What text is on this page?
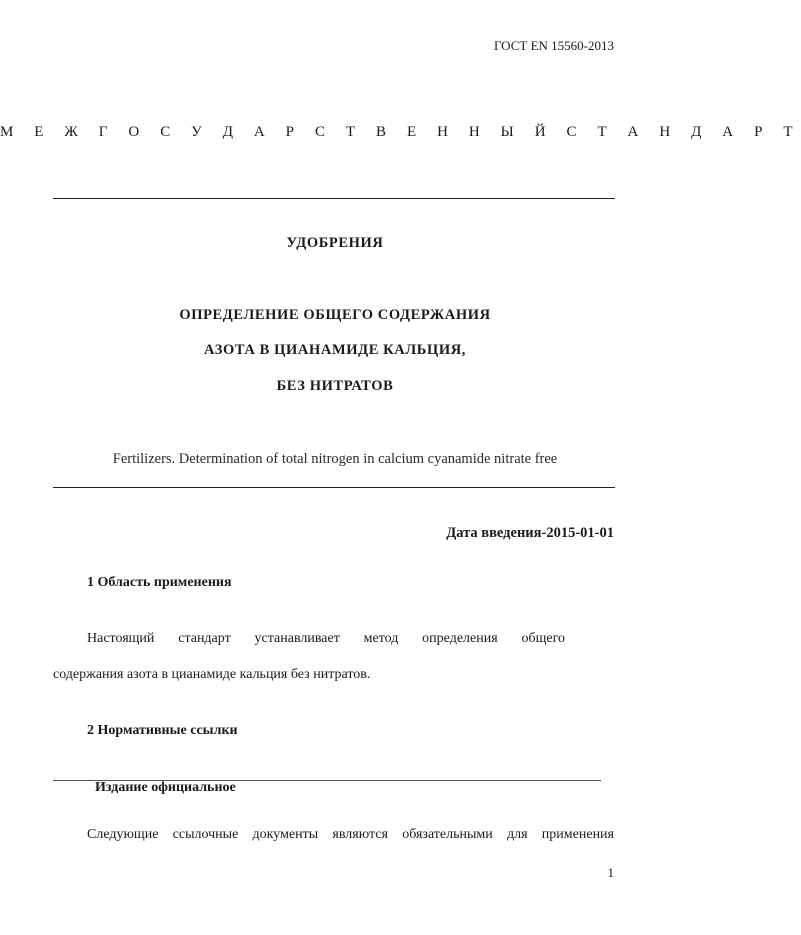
ГОСТ EN 15560-2013
М Е Ж Г О С У Д А Р С Т В Е Н Н Ы Й С Т А Н Д А Р Т
УДОБРЕНИЯ
ОПРЕДЕЛЕНИЕ ОБЩЕГО СОДЕРЖАНИЯ
АЗОТА В ЦИАНАМИДЕ КАЛЬЦИЯ,
БЕЗ НИТРАТОВ
Fertilizers. Determination of total nitrogen in calcium cyanamide nitrate free
Дата введения-2015-01-01
1 Область применения
Настоящий стандарт устанавливает метод определения общего
содержания азота в цианамиде кальция без нитратов.
2 Нормативные ссылки
Издание официальное
Следующие ссылочные документы являются обязательными для применения
1
